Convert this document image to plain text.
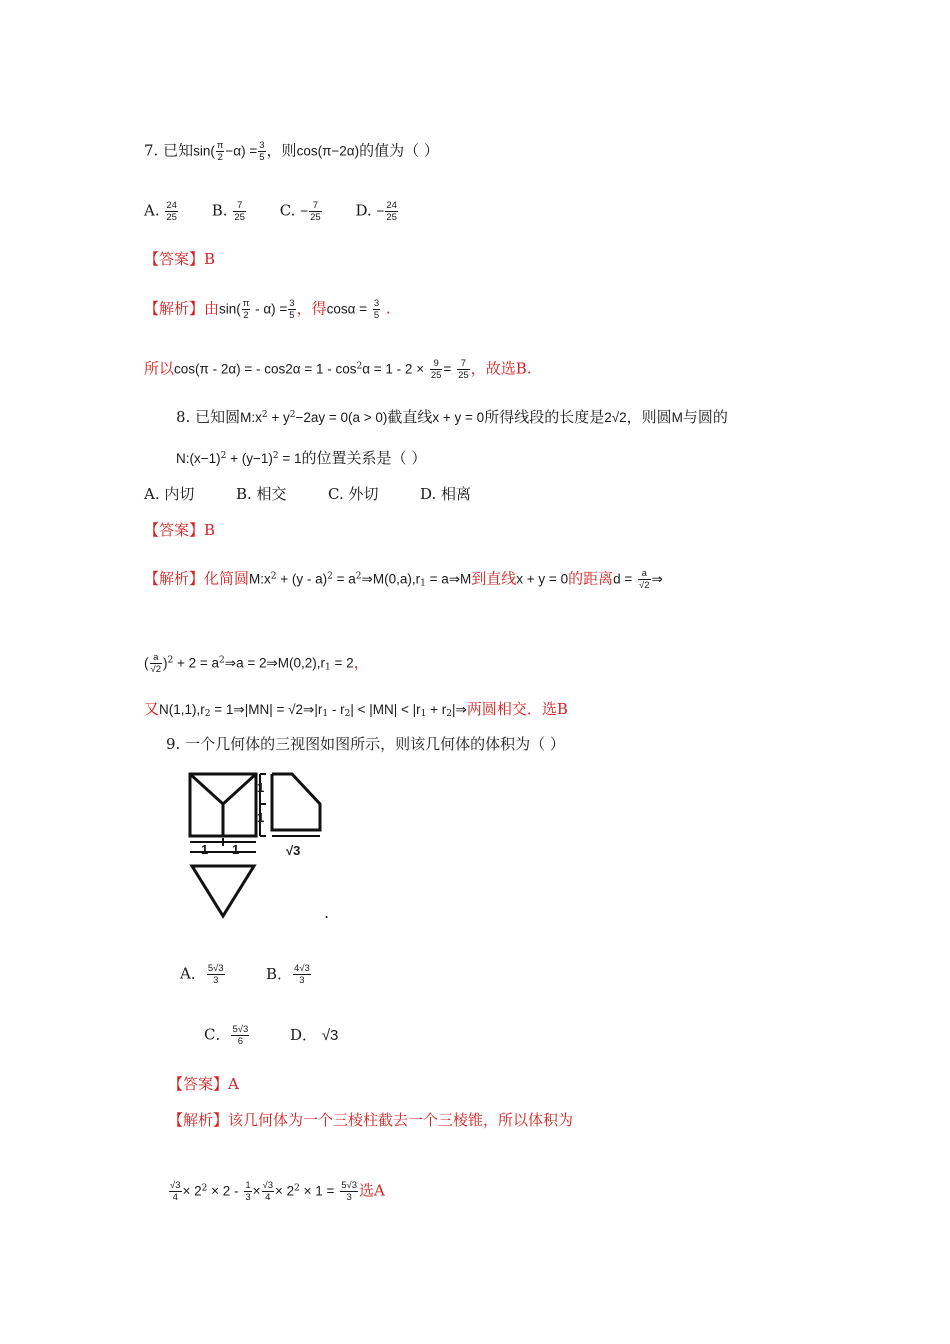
7. 已知$\sin( \frac{\pi}{2} -\alpha) = \frac{3}{5}$ ，则cos(π−2α)的值为（ ）
A. $\frac{24}{25} B$. $\frac{7}{25} C$. − $\frac{7}{25} D$. − $\frac{24}{25}$
【答案】B
【解析】由$\sin( \frac{\pi}{2} - \alpha) = \frac{3}{5}$ ，得$\cos\alpha = \frac{3}{5}$ .
所以cos(π - 2α) = - $\cos 2\alpha = 1 - \cos^2\alpha = 1 - 2 \times \frac{9}{25} = \frac{7}{25}$ ，故选B.
8. 已知圆$M:x^2 + y^2-2ay = 0(a > 0)$截直线x + y = 0所得线段的长度是2√2，则圆M与圆的
$N:(x-1)^2 + (y-1)^2 = 1$的位置关系是（ ）
A. 内切	B. 相交	C. 外切	D. 相离
【答案】B
【解析】化简圆$M:x^2 + (y - a)^2$ = $a^2\Rightarrow M(0,a),r_1$ = a⇒M到直线x + y = 0的距离$d = \frac{a}{√2}$ ⇒
( $\frac{a}{√2} )^2 + 2$ = $a^2\Rightarrow a$ = $2\Rightarrow M(0,2),r_1 = 2$，
又$N(1,1),r_2$ = 1⇒|MN| = $√2\Rightarrow|r_1 - r_2| < |MN| < |r_1$ + $r_2|\Rightarrow$两圆相交．选B
9. 一个几何体的三视图如图所示，则该几何体的体积为（ ）
1 1
1
1
√3
.
A． $\frac{5√3}{3}$	B． $\frac{4√3}{3}$
C． $\frac{5√3}{6}$	D． √3
【答案】A
【解析】该几何体为一个三棱柱截去一个三棱锥，所以体积为
$\frac{√3}{4} \times 2^2 \times 2 - \frac{1}{3} \times \frac{√3}{4} \times 2^2 \times 1 = \frac{5√3}{3}$ 选A
